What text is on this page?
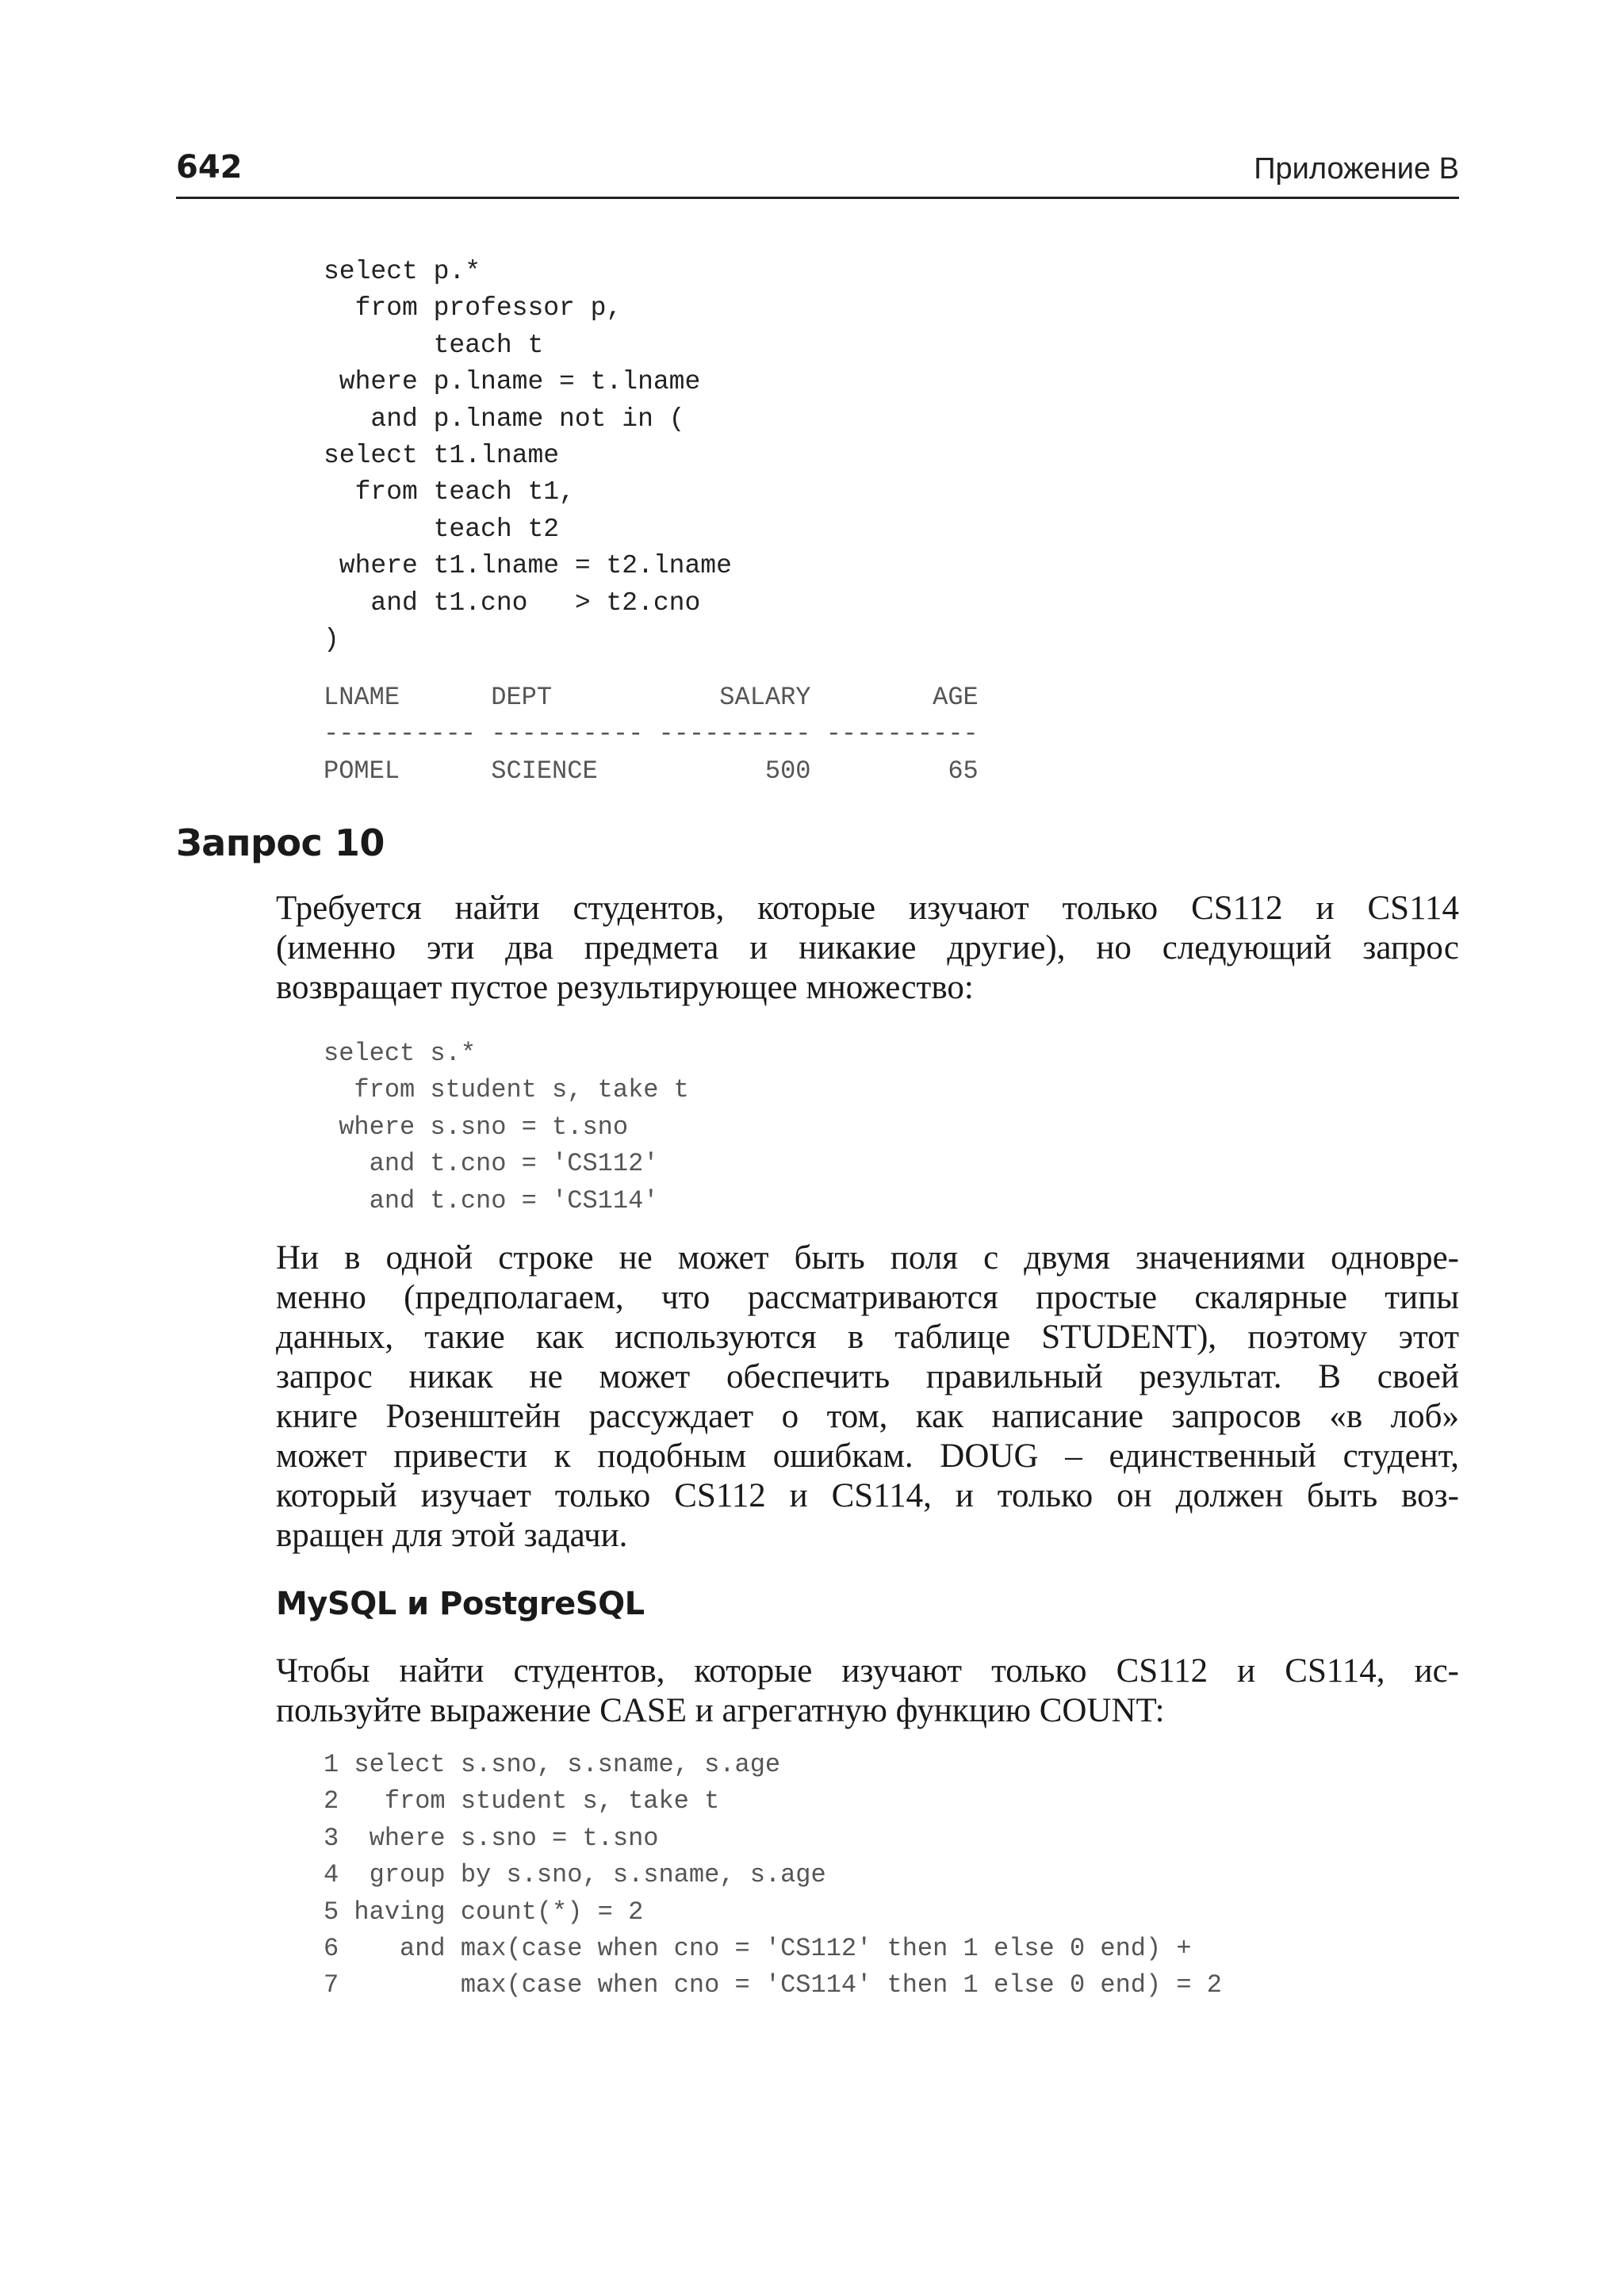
642	Приложение В
select p.*
from professor p,
teach t
where p.lname = t.lname
and p.lname not in (
select t1.lname
from teach t1,
teach t2
where t1.lname = t2.lname
and t1.cno   > t2.cno
)
LNAME      DEPT           SALARY        AGE
---------- ---------- ---------- ----------
POMEL      SCIENCE           500         65
Запрос 10
Требуется найти студентов, которые изучают только CS112 и CS114
(именно эти два предмета и никакие другие), но следующий запрос
возвращает пустое результирующее множество:
select s.*
from student s, take t
where s.sno = t.sno
and t.cno = 'CS112'
and t.cno = 'CS114'
Ни в одной строке не может быть поля с двумя значениями одновре-
менно (предполагаем, что рассматриваются простые скалярные типы
данных, такие как используются в таблице STUDENT), поэтому этот
запрос никак не может обеспечить правильный результат. В своей
книге Розенштейн рассуждает о том, как написание запросов «в лоб»
может привести к подобным ошибкам. DOUG – единственный студент,
который изучает только CS112 и CS114, и только он должен быть воз-
вращен для этой задачи.
MySQL и PostgreSQL
Чтобы найти студентов, которые изучают только CS112 и CS114, ис-
пользуйте выражение CASE и агрегатную функцию COUNT:
1 select s.sno, s.sname, s.age
2   from student s, take t
3  where s.sno = t.sno
4  group by s.sno, s.sname, s.age
5 having count(*) = 2
6    and max(case when cno = 'CS112' then 1 else 0 end) +
7        max(case when cno = 'CS114' then 1 else 0 end) = 2
